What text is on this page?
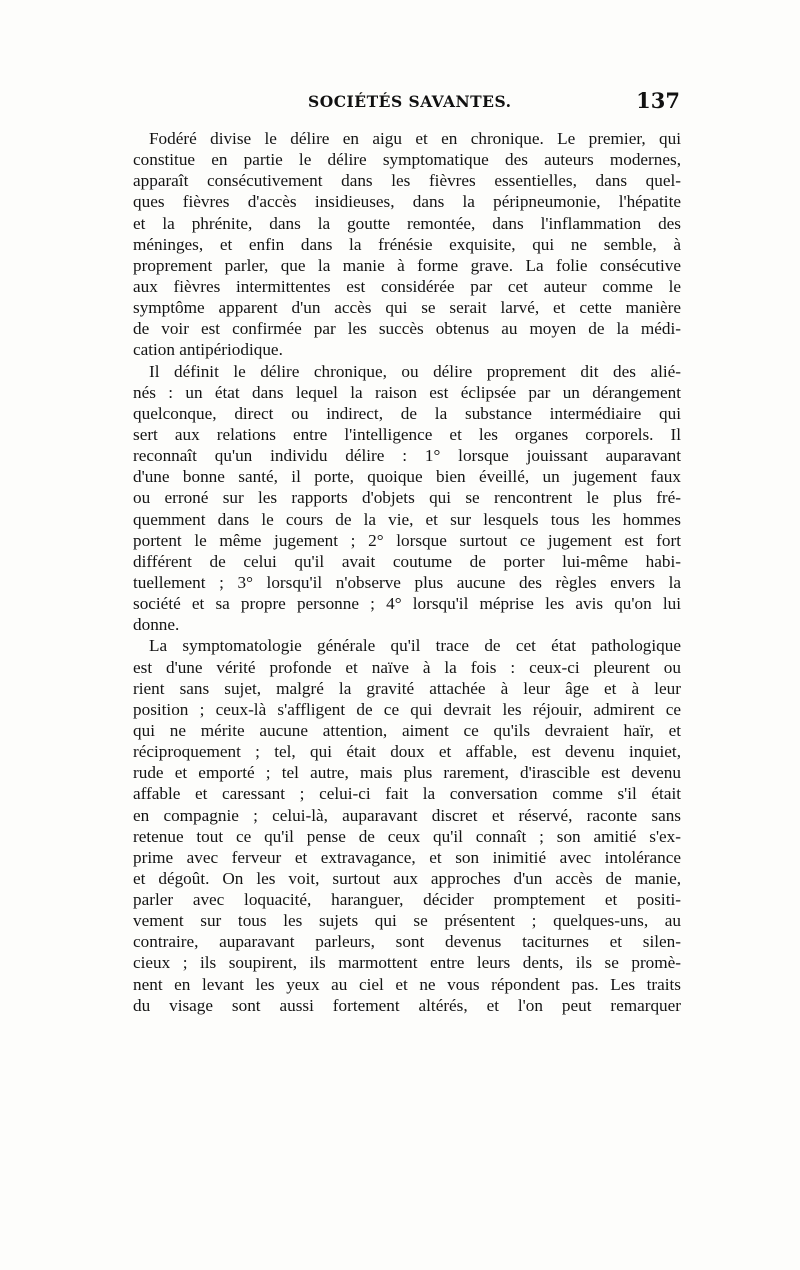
SOCIÉTÉS SAVANTES.	137
Fodéré divise le délire en aigu et en chronique. Le premier, qui
constitue en partie le délire symptomatique des auteurs modernes,
apparaît consécutivement dans les fièvres essentielles, dans quel-
ques fièvres d'accès insidieuses, dans la péripneumonie, l'hépatite
et la phrénite, dans la goutte remontée, dans l'inflammation des
méninges, et enfin dans la frénésie exquisite, qui ne semble, à
proprement parler, que la manie à forme grave. La folie consécutive
aux fièvres intermittentes est considérée par cet auteur comme le
symptôme apparent d'un accès qui se serait larvé, et cette manière
de voir est confirmée par les succès obtenus au moyen de la médi-
cation antipériodique.
Il définit le délire chronique, ou délire proprement dit des alié-
nés : un état dans lequel la raison est éclipsée par un dérangement
quelconque, direct ou indirect, de la substance intermédiaire qui
sert aux relations entre l'intelligence et les organes corporels. Il
reconnaît qu'un individu délire : 1° lorsque jouissant auparavant
d'une bonne santé, il porte, quoique bien éveillé, un jugement faux
ou erroné sur les rapports d'objets qui se rencontrent le plus fré-
quemment dans le cours de la vie, et sur lesquels tous les hommes
portent le même jugement ; 2° lorsque surtout ce jugement est fort
différent de celui qu'il avait coutume de porter lui-même habi-
tuellement ; 3° lorsqu'il n'observe plus aucune des règles envers la
société et sa propre personne ; 4° lorsqu'il méprise les avis qu'on lui
donne.
La symptomatologie générale qu'il trace de cet état pathologique
est d'une vérité profonde et naïve à la fois : ceux-ci pleurent ou
rient sans sujet, malgré la gravité attachée à leur âge et à leur
position ; ceux-là s'affligent de ce qui devrait les réjouir, admirent ce
qui ne mérite aucune attention, aiment ce qu'ils devraient haïr, et
réciproquement ; tel, qui était doux et affable, est devenu inquiet,
rude et emporté ; tel autre, mais plus rarement, d'irascible est devenu
affable et caressant ; celui-ci fait la conversation comme s'il était
en compagnie ; celui-là, auparavant discret et réservé, raconte sans
retenue tout ce qu'il pense de ceux qu'il connaît ; son amitié s'ex-
prime avec ferveur et extravagance, et son inimitié avec intolérance
et dégoût. On les voit, surtout aux approches d'un accès de manie,
parler avec loquacité, haranguer, décider promptement et positi-
vement sur tous les sujets qui se présentent ; quelques-uns, au
contraire, auparavant parleurs, sont devenus taciturnes et silen-
cieux ; ils soupirent, ils marmottent entre leurs dents, ils se promè-
nent en levant les yeux au ciel et ne vous répondent pas. Les traits
du visage sont aussi fortement altérés, et l'on peut remarquer
